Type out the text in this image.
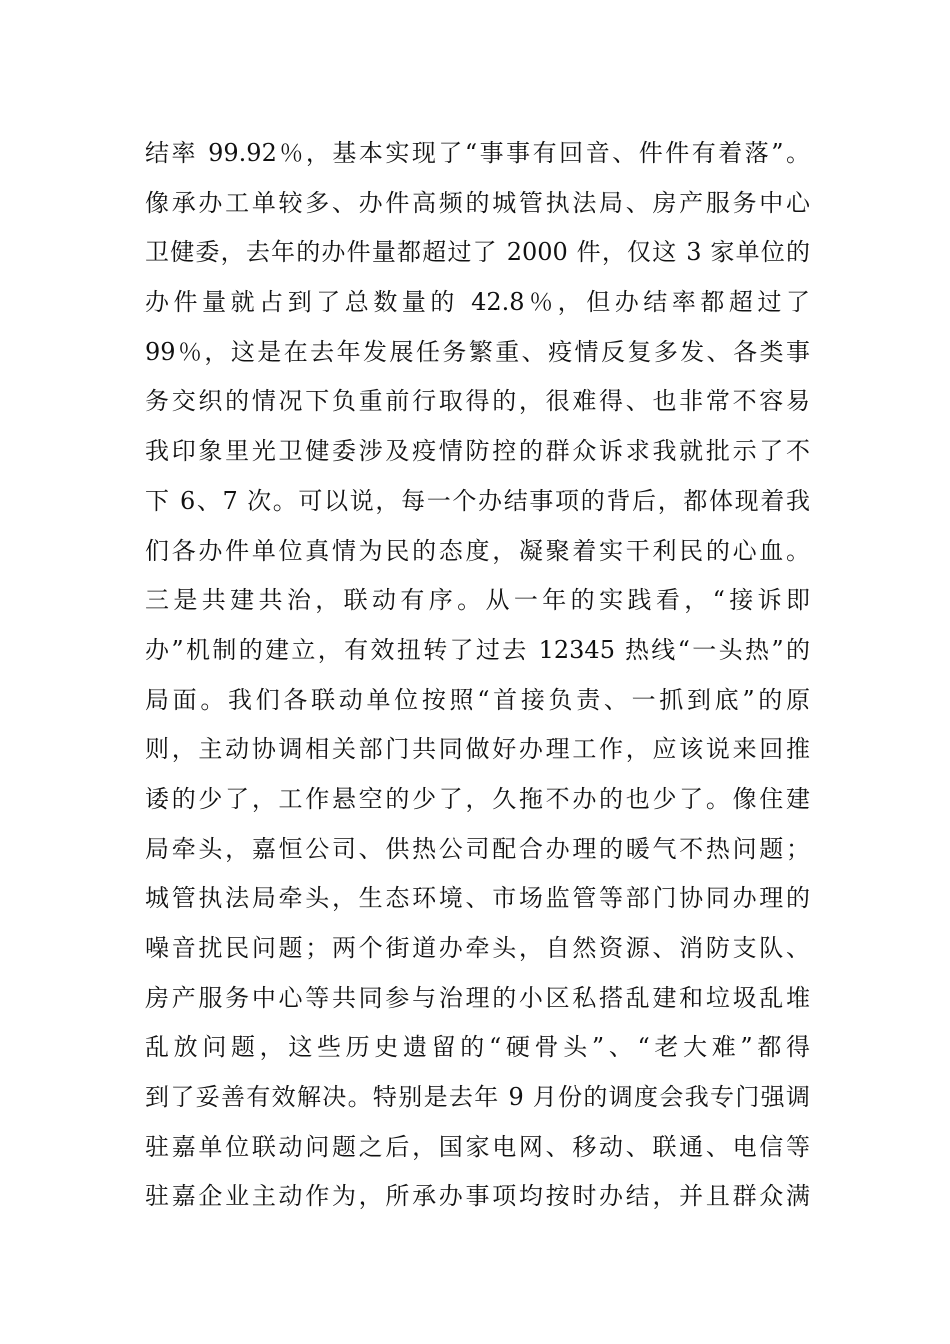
结率 99.92％，基本实现了“事事有回音、件件有着落”。
像承办工单较多、办件高频的城管执法局、房产服务中心
卫健委，去年的办件量都超过了 2000 件，仅这 3 家单位的
办件量就占到了总数量的 42.8％，但办结率都超过了
99％，这是在去年发展任务繁重、疫情反复多发、各类事
务交织的情况下负重前行取得的，很难得、也非常不容易
我印象里光卫健委涉及疫情防控的群众诉求我就批示了不
下 6、7 次。可以说，每一个办结事项的背后，都体现着我
们各办件单位真情为民的态度，凝聚着实干利民的心血。
三是共建共治，联动有序。从一年的实践看，“接诉即
办”机制的建立，有效扭转了过去 12345 热线“一头热”的
局面。我们各联动单位按照“首接负责、一抓到底”的原
则，主动协调相关部门共同做好办理工作，应该说来回推
诿的少了，工作悬空的少了，久拖不办的也少了。像住建
局牵头，嘉恒公司、供热公司配合办理的暖气不热问题；
城管执法局牵头，生态环境、市场监管等部门协同办理的
噪音扰民问题；两个街道办牵头，自然资源、消防支队、
房产服务中心等共同参与治理的小区私搭乱建和垃圾乱堆
乱放问题，这些历史遗留的“硬骨头”、“老大难”都得
到了妥善有效解决。特别是去年 9 月份的调度会我专门强调
驻嘉单位联动问题之后，国家电网、移动、联通、电信等
驻嘉企业主动作为，所承办事项均按时办结，并且群众满
